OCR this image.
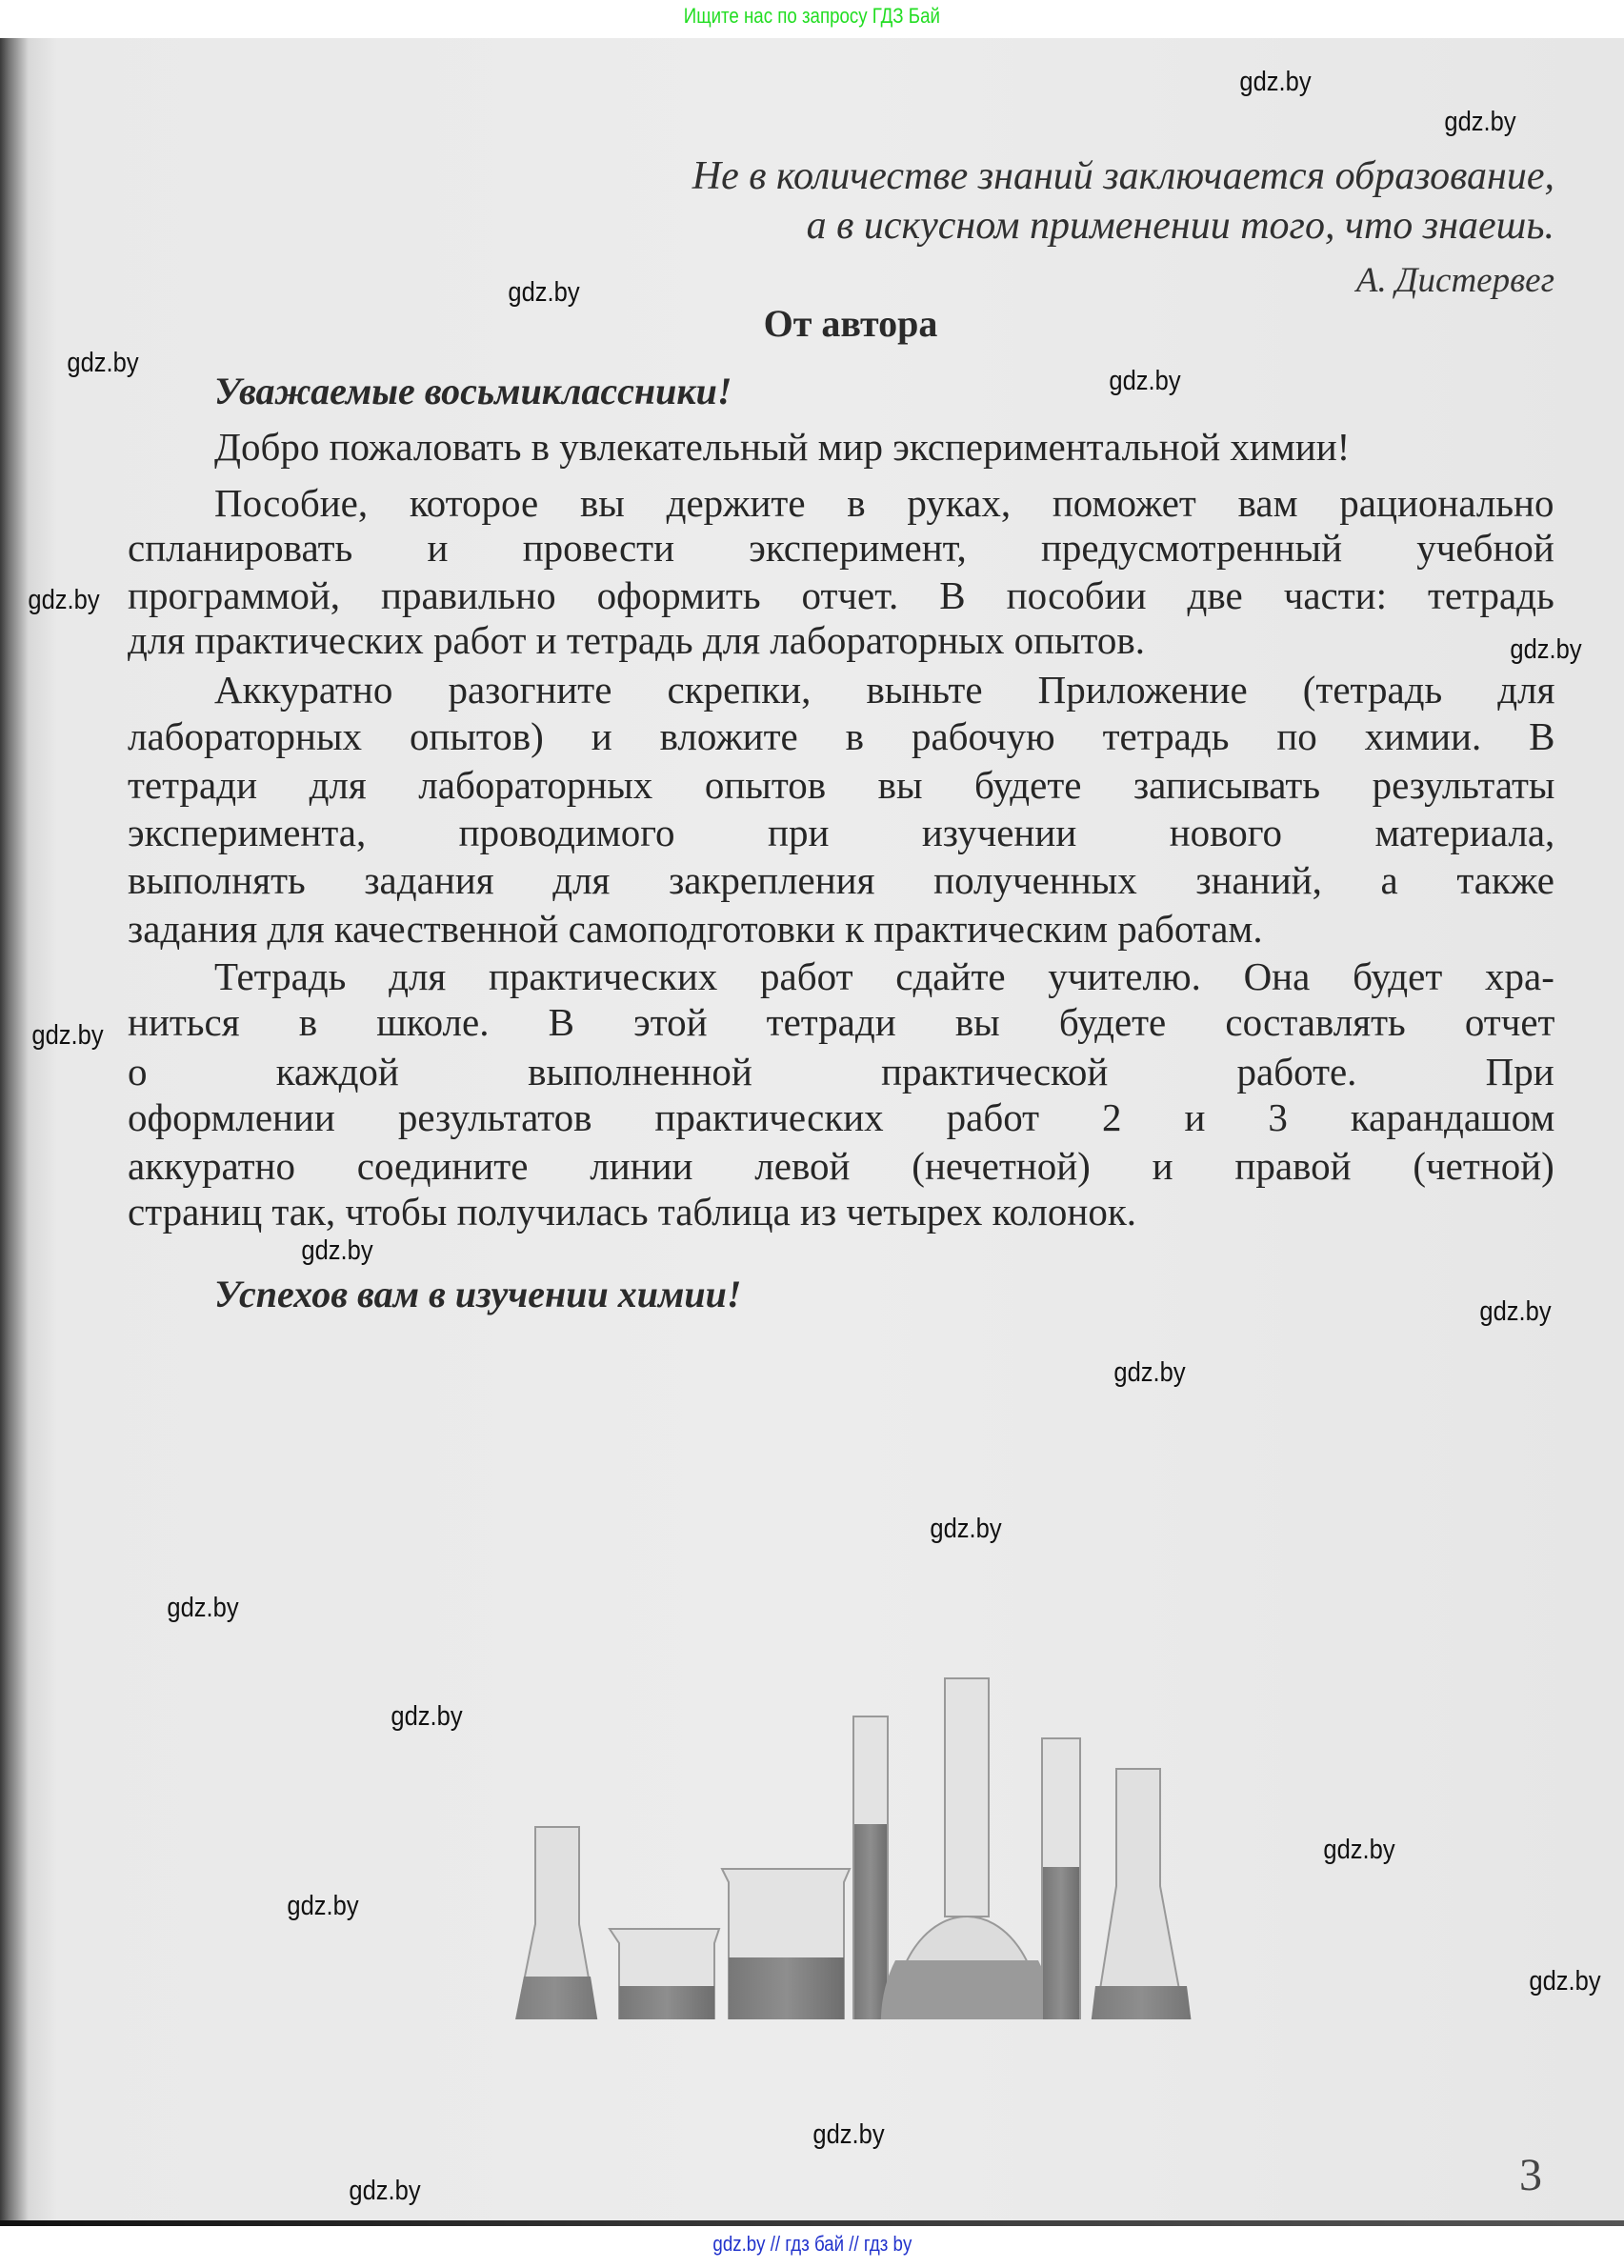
Ищите нас по запросу ГДЗ Бай
Не в количестве знаний заключается образование,
а в искусном применении того, что знаешь.
А. Дистервег
От автора
Уважаемые восьмиклассники!
Добро пожаловать в увлекательный мир экспериментальной химии!
Пособие, которое вы держите в руках, поможет вам рационально
спланировать и провести эксперимент, предусмотренный учебной
программой, правильно оформить отчет. В пособии две части: тетрадь
для практических работ и тетрадь для лабораторных опытов.
Аккуратно разогните скрепки, выньте Приложение (тетрадь для
лабораторных опытов) и вложите в рабочую тетрадь по химии. В
тетради для лабораторных опытов вы будете записывать результаты
эксперимента, проводимого при изучении нового материала,
выполнять задания для закрепления полученных знаний, а также
задания для качественной самоподготовки к практическим работам.
Тетрадь для практических работ сдайте учителю. Она будет хра-
ниться в школе. В этой тетради вы будете составлять отчет
о каждой выполненной практической работе. При
оформлении результатов практических работ 2 и 3 карандашом
аккуратно соедините линии левой (нечетной) и правой (четной)
страниц так, чтобы получилась таблица из четырех колонок.
Успехов вам в изучении химии!
3
gdz.by
gdz.by
gdz.by
gdz.by
gdz.by
gdz.by
gdz.by
gdz.by
gdz.by
gdz.by
gdz.by
gdz.by
gdz.by
gdz.by
gdz.by
gdz.by
gdz.by
gdz.by
gdz.by
gdz.by // гдз бай // гдз by
